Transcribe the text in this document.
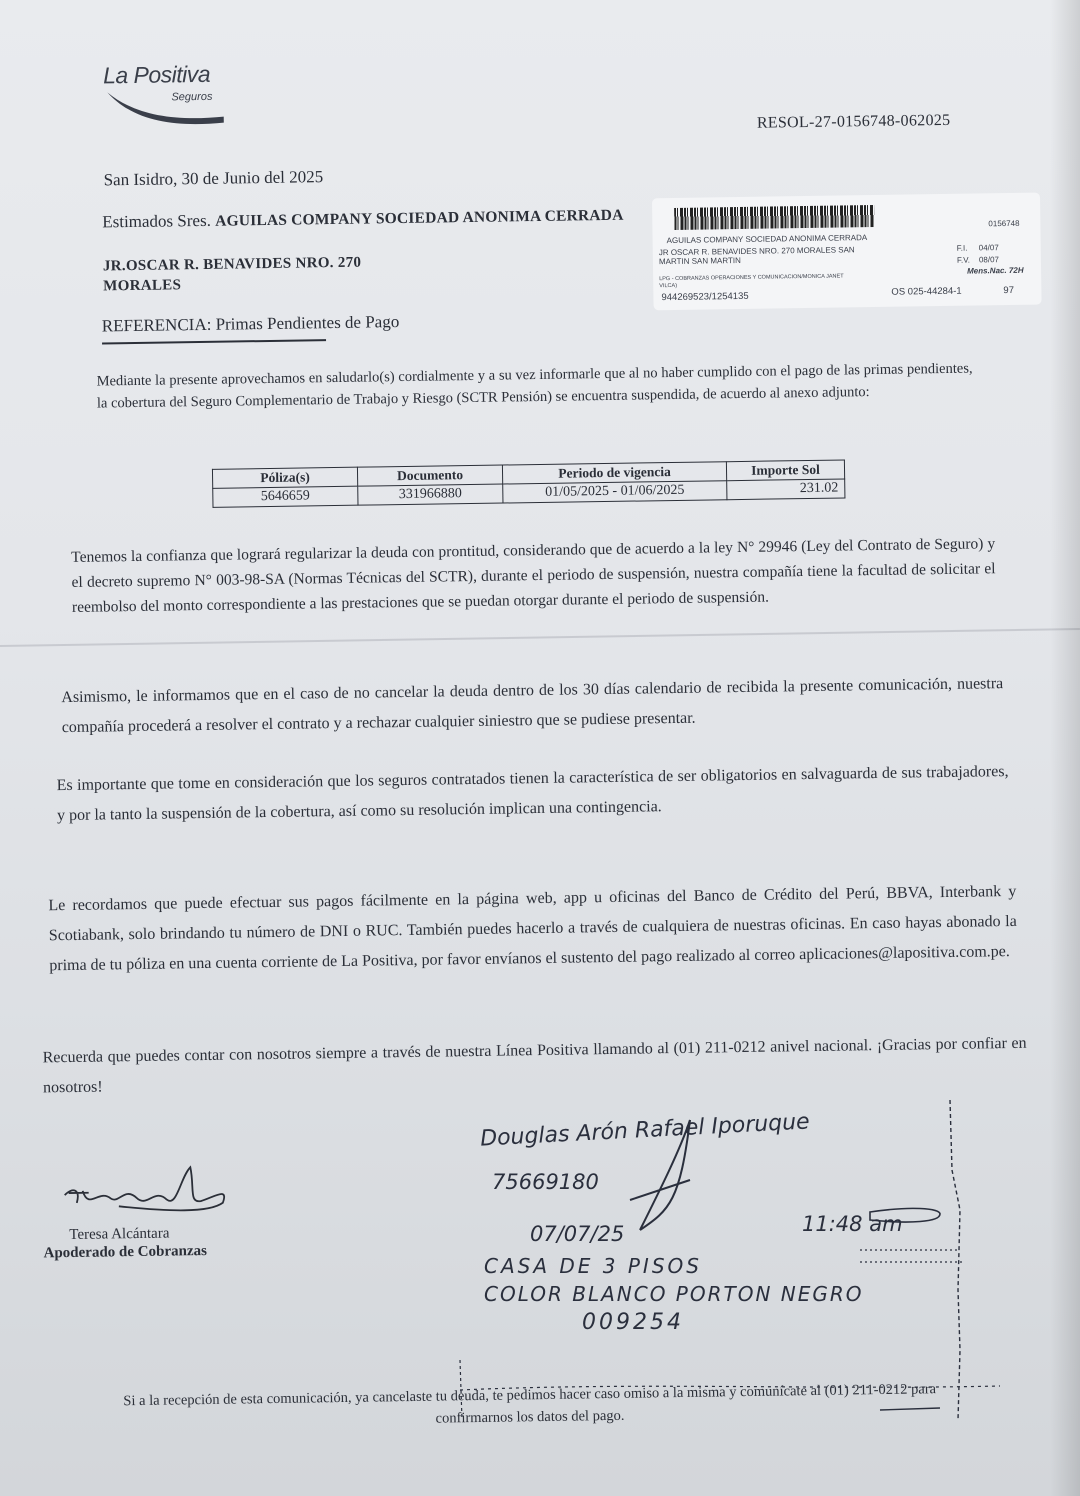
La Positiva
Seguros
RESOL-27-0156748-062025
San Isidro, 30 de Junio del 2025
Estimados Sres. AGUILAS COMPANY SOCIEDAD ANONIMA CERRADA
JR.OSCAR R. BENAVIDES NRO. 270
MORALES
REFERENCIA: Primas Pendientes de Pago
0156748
AGUILAS COMPANY SOCIEDAD ANONIMA CERRADA
JR OSCAR R. BENAVIDES NRO. 270 MORALES SAN
MARTIN SAN MARTIN
F.I. 04/07
F.V. 08/07
Mens.Nac. 72H
LPG - COBRANZAS OPERACIONES Y COMUNICACION/MONICA JANET
VILCA)
944269523/1254135	OS 025-44284-1	97

Mediante la presente aprovechamos en saludarlo(s) cordialmente y a su vez informarle que al no haber cumplido con el pago de las primas pendientes, la cobertura del Seguro Complementario de Trabajo y Riesgo (SCTR Pensión) se encuentra suspendida, de acuerdo al anexo adjunto:

Póliza(s)	Documento	Periodo de vigencia	Importe Sol
5646659	331966880	01/05/2025 - 01/06/2025	231.02

Tenemos la confianza que logrará regularizar la deuda con prontitud, considerando que de acuerdo a la ley N° 29946 (Ley del Contrato de Seguro) y el decreto supremo N° 003-98-SA (Normas Técnicas del SCTR), durante el periodo de suspensión, nuestra compañía tiene la facultad de solicitar el reembolso del monto correspondiente a las prestaciones que se puedan otorgar durante el periodo de suspensión.

Asimismo, le informamos que en el caso de no cancelar la deuda dentro de los 30 días calendario de recibida la presente comunicación, nuestra compañía procederá a resolver el contrato y a rechazar cualquier siniestro que se pudiese presentar.

Es importante que tome en consideración que los seguros contratados tienen la característica de ser obligatorios en salvaguarda de sus trabajadores, y por la tanto la suspensión de la cobertura, así como su resolución implican una contingencia.

Le recordamos que puede efectuar sus pagos fácilmente en la página web, app u oficinas del Banco de Crédito del Perú, BBVA, Interbank y Scotiabank, solo brindando tu número de DNI o RUC. También puedes hacerlo a través de cualquiera de nuestras oficinas. En caso hayas abonado la prima de tu póliza en una cuenta corriente de La Positiva, por favor envíanos el sustento del pago realizado al correo aplicaciones@lapositiva.com.pe.

Recuerda que puedes contar con nosotros siempre a través de nuestra Línea Positiva llamando al (01) 211-0212 anivel nacional. ¡Gracias por confiar en nosotros!

Teresa Alcántara
Apoderado de Cobranzas

Si a la recepción de esta comunicación, ya cancelaste tu deuda, te pedimos hacer caso omiso a la misma y comunícate al (01) 211-0212 para confirmarnos los datos del pago.

Douglas Arón Rafael Iporuque
75669180
07/07/25	11:48 am
CASA DE 3 PISOS
COLOR BLANCO PORTON NEGRO
009254
